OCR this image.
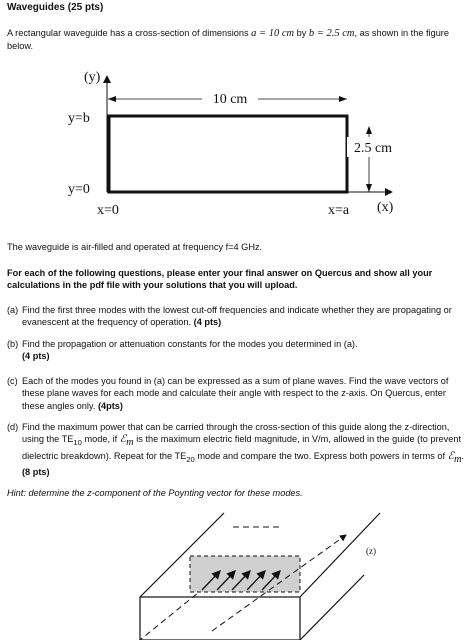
Waveguides (25 pts)

A rectangular waveguide has a cross-section of dimensions a = 10 cm by b = 2.5 cm, as shown in the figure below.

(y)
10 cm
2.5 cm
y=b
y=0
x=0	x=a (x)

The waveguide is air-filled and operated at frequency f=4 GHz.

For each of the following questions, please enter your final answer on Quercus and show all your calculations in the pdf file with your solutions that you will upload.

(a) Find the first three modes with the lowest cut-off frequencies and indicate whether they are propagating or evanescent at the frequency of operation. (4 pts)
(b) Find the propagation or attenuation constants for the modes you determined in (a).
(4 pts)
(c) Each of the modes you found in (a) can be expressed as a sum of plane waves. Find the wave vectors of these plane waves for each mode and calculate their angle with respect to the z-axis. On Quercus, enter these angles only. (4pts)
(d) Find the maximum power that can be carried through the cross-section of this guide along the z-direction, using the $TE_{10}$ mode, if ℰ$_m$ is the maximum electric field magnitude, in V/m, allowed in the guide (to prevent dielectric breakdown). Repeat for the $TE_{20}$ mode and compare the two. Express both powers in terms of ℰ$_m$. (8 pts)

Hint: determine the z-component of the Poynting vector for these modes.

(z)
